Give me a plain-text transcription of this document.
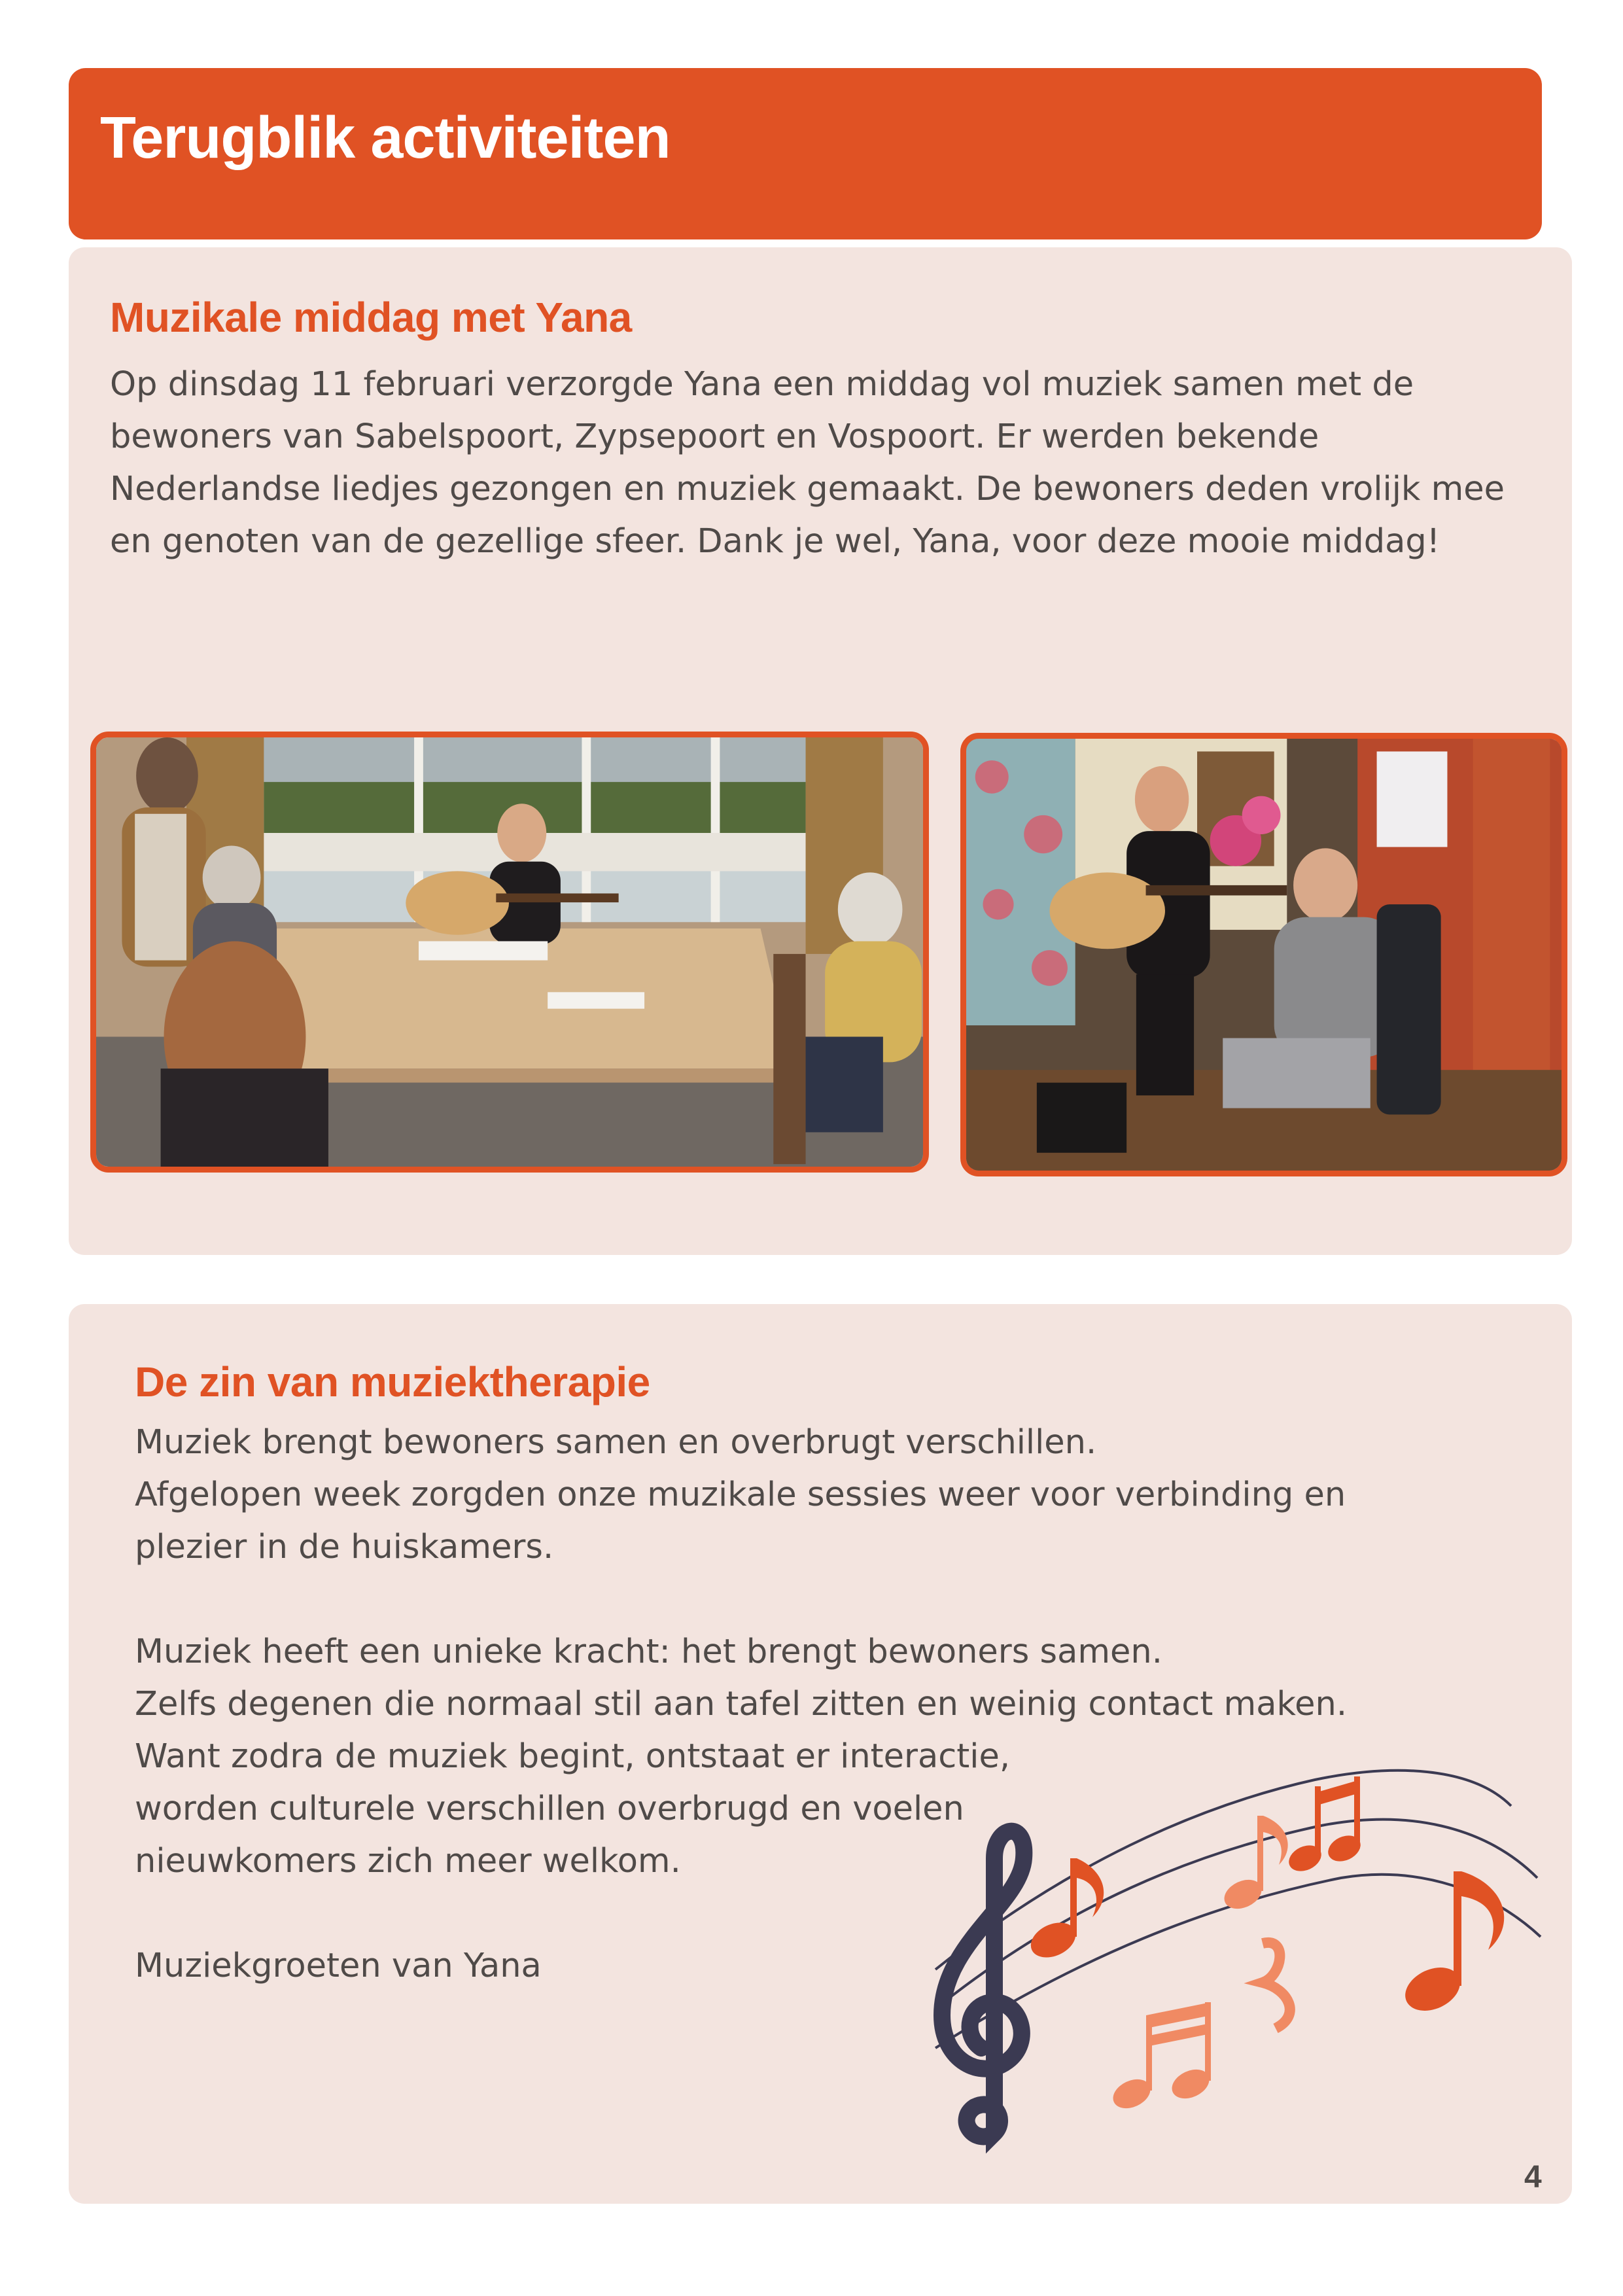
Terugblik activiteiten
Muzikale middag met Yana
Op dinsdag 11 februari verzorgde Yana een middag vol muziek samen met de
bewoners van Sabelspoort, Zypsepoort en Vospoort. Er werden bekende
Nederlandse liedjes gezongen en muziek gemaakt. De bewoners deden vrolijk mee
en genoten van de gezellige sfeer. Dank je wel, Yana, voor deze mooie middag!
De zin van muziektherapie
Muziek brengt bewoners samen en overbrugt verschillen.
Afgelopen week zorgden onze muzikale sessies weer voor verbinding en
plezier in de huiskamers.
Muziek heeft een unieke kracht: het brengt bewoners samen.
Zelfs degenen die normaal stil aan tafel zitten en weinig contact maken.
Want zodra de muziek begint, ontstaat er interactie,
worden culturele verschillen overbrugd en voelen
nieuwkomers zich meer welkom.
Muziekgroeten van Yana
4
